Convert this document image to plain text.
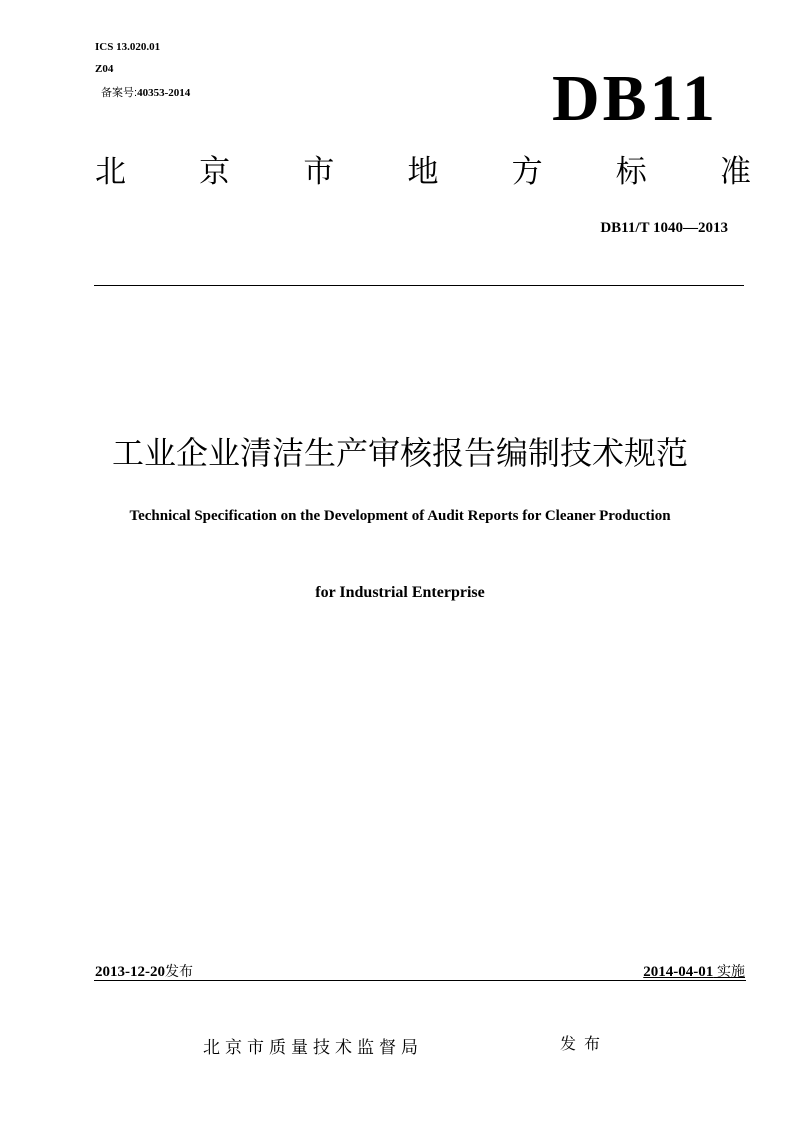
ICS 13.020.01
Z04
备案号:40353-2014	DB11
北 京 市 地 方 标 准
DB11/T 1040—2013
工业企业清洁生产审核报告编制技术规范
Technical Specification on the Development of Audit Reports for Cleaner Production
for Industrial Enterprise
2013-12-20发布	2014-04-01 实施
北京市质量技术监督局	发布
